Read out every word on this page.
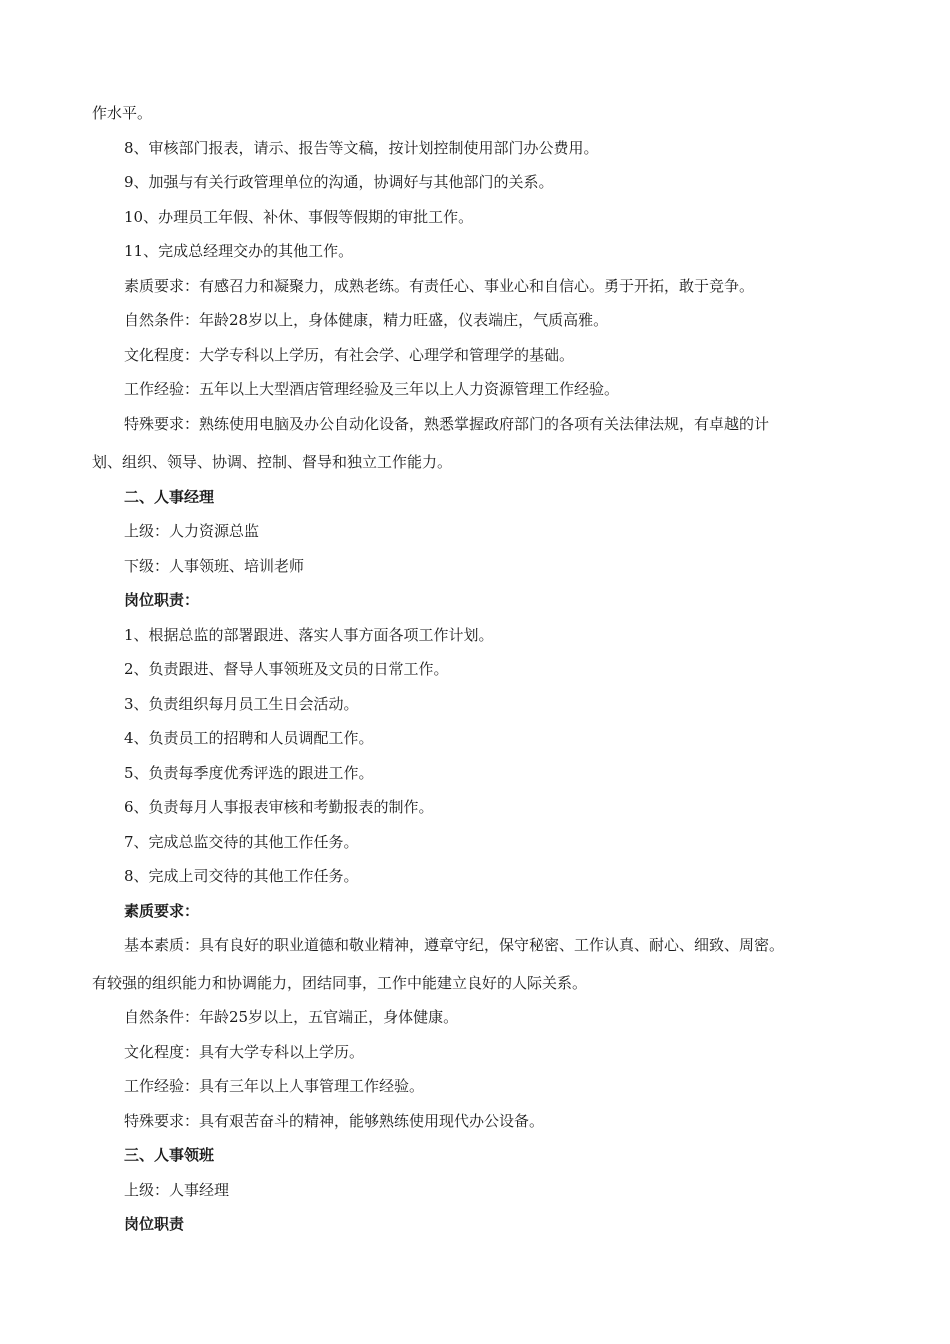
作水平。
8、审核部门报表，请示、报告等文稿，按计划控制使用部门办公费用。
9、加强与有关行政管理单位的沟通，协调好与其他部门的关系。
10、办理员工年假、补休、事假等假期的审批工作。
11、完成总经理交办的其他工作。
素质要求：有感召力和凝聚力，成熟老练。有责任心、事业心和自信心。勇于开拓，敢于竞争。
自然条件：年龄28岁以上，身体健康，精力旺盛，仪表端庄，气质高雅。
文化程度：大学专科以上学历，有社会学、心理学和管理学的基础。
工作经验：五年以上大型酒店管理经验及三年以上人力资源管理工作经验。
特殊要求：熟练使用电脑及办公自动化设备，熟悉掌握政府部门的各项有关法律法规，有卓越的计
划、组织、领导、协调、控制、督导和独立工作能力。
二、人事经理
上级：人力资源总监
下级：人事领班、培训老师
岗位职责：
1、根据总监的部署跟进、落实人事方面各项工作计划。
2、负责跟进、督导人事领班及文员的日常工作。
3、负责组织每月员工生日会活动。
4、负责员工的招聘和人员调配工作。
5、负责每季度优秀评选的跟进工作。
6、负责每月人事报表审核和考勤报表的制作。
7、完成总监交待的其他工作任务。
8、完成上司交待的其他工作任务。
素质要求：
基本素质：具有良好的职业道德和敬业精神，遵章守纪，保守秘密、工作认真、耐心、细致、周密。
有较强的组织能力和协调能力，团结同事，工作中能建立良好的人际关系。
自然条件：年龄25岁以上，五官端正，身体健康。
文化程度：具有大学专科以上学历。
工作经验：具有三年以上人事管理工作经验。
特殊要求：具有艰苦奋斗的精神，能够熟练使用现代办公设备。
三、人事领班
上级：人事经理
岗位职责
